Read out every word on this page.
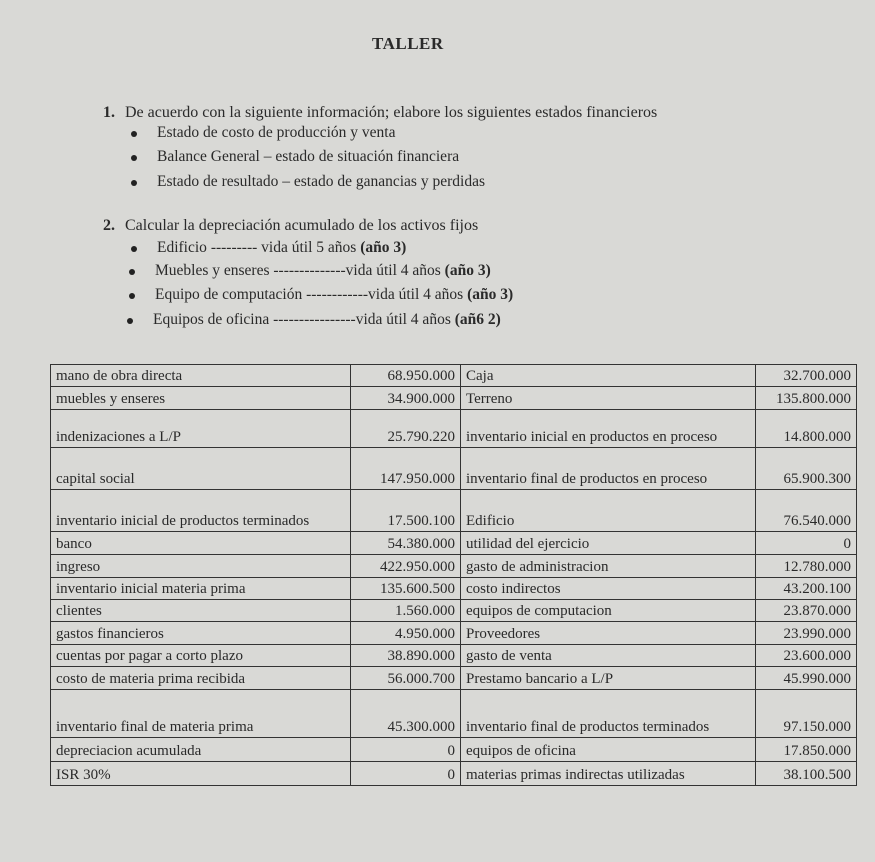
TALLER
1. De acuerdo con la siguiente información; elabore los siguientes estados financieros
Estado de costo de producción y venta
Balance General – estado de situación financiera
Estado de resultado – estado de ganancias y perdidas
2. Calcular la depreciación acumulado de los activos fijos
Edificio --------- vida útil 5 años (año 3)
Muebles y enseres --------------vida útil 4 años (año 3)
Equipo de computación ------------vida útil 4 años (año 3)
Equipos de oficina ----------------vida útil 4 años (añ6 2)
mano de obra directa	68.950.000	Caja	32.700.000
muebles y enseres	34.900.000	Terreno	135.800.000
indenizaciones a L/P	25.790.220	inventario inicial en productos en proceso	14.800.000
capital social	147.950.000	inventario final de productos en proceso	65.900.300
inventario inicial de productos terminados	17.500.100	Edificio	76.540.000
banco	54.380.000	utilidad del ejercicio	0
ingreso	422.950.000	gasto de administracion	12.780.000
inventario inicial materia prima	135.600.500	costo indirectos	43.200.100
clientes	1.560.000	equipos de computacion	23.870.000
gastos financieros	4.950.000	Proveedores	23.990.000
cuentas por pagar a corto plazo	38.890.000	gasto de venta	23.600.000
costo de materia prima recibida	56.000.700	Prestamo bancario a L/P	45.990.000
inventario final de materia prima	45.300.000	inventario final de productos terminados	97.150.000
depreciacion acumulada	0	equipos de oficina	17.850.000
ISR 30%	0	materias primas indirectas utilizadas	38.100.500
